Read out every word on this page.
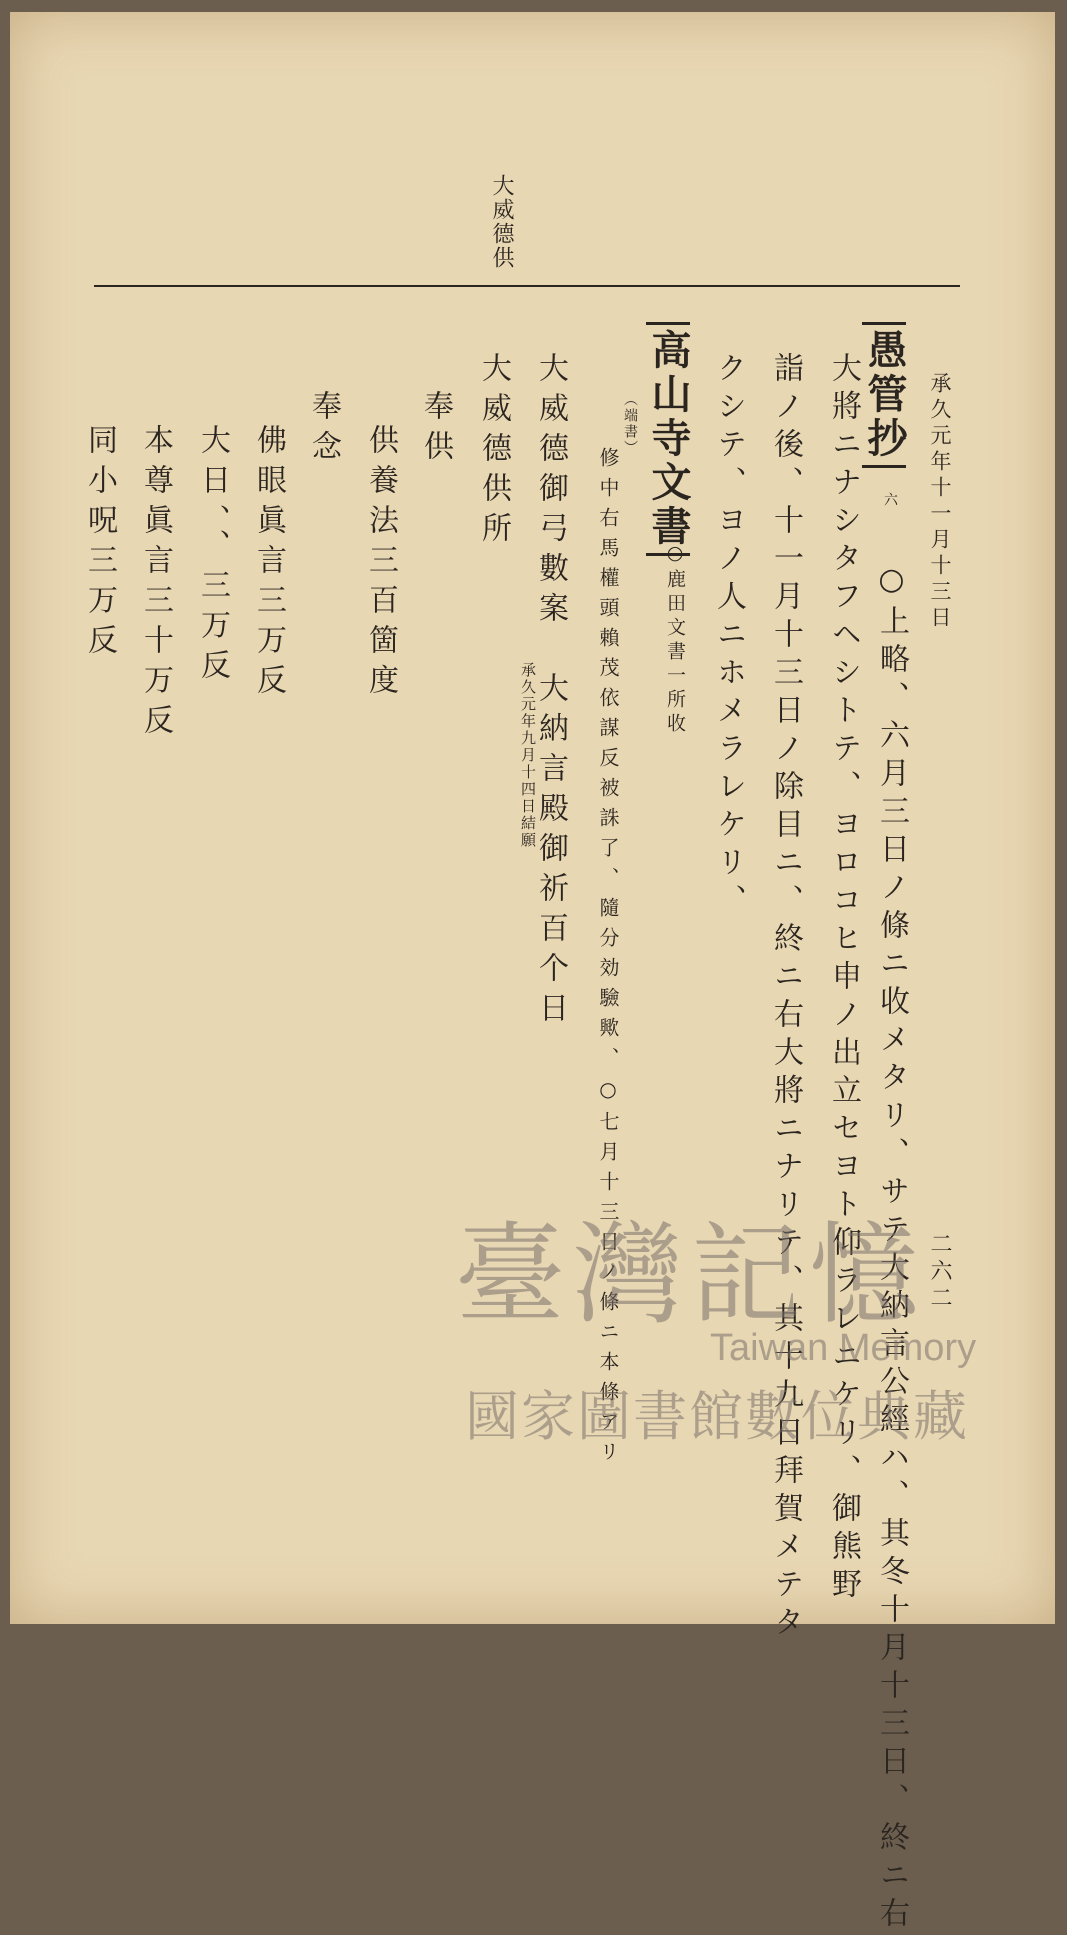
大威德供
承久元年十一月十三日
愚管抄
六
○上略、六月三日ノ條ニ收メタリ、サテ大納言公經ハ、其冬十月十三日、終ニ右
大將ニナシタフヘシトテ、ヨロコヒ申ノ出立セヨト仰ラレニケリ、御熊野
詣ノ後、十一月十三日ノ除目ニ、終ニ右大將ニナリテ、其十九日拜賀メテタ
クシテ、ヨノ人ニホメラレケリ、
高山寺文書
○鹿田文書一所收
（端書）
修中右馬權頭賴茂依謀反被誅了、隨分効驗歟、○七月十三日ノ條ニ本條アリ
大威德御弓數案　大納言殿御祈百个日
承久元年九月十四日結願
大威德供所
奉供
供養法三百箇度
奉念
佛眼眞言三万反
大日、、三万反
本尊眞言三十万反
同小呪三万反
二六二
臺灣記憶
Taiwan Memory
國家圖書館數位典藏
